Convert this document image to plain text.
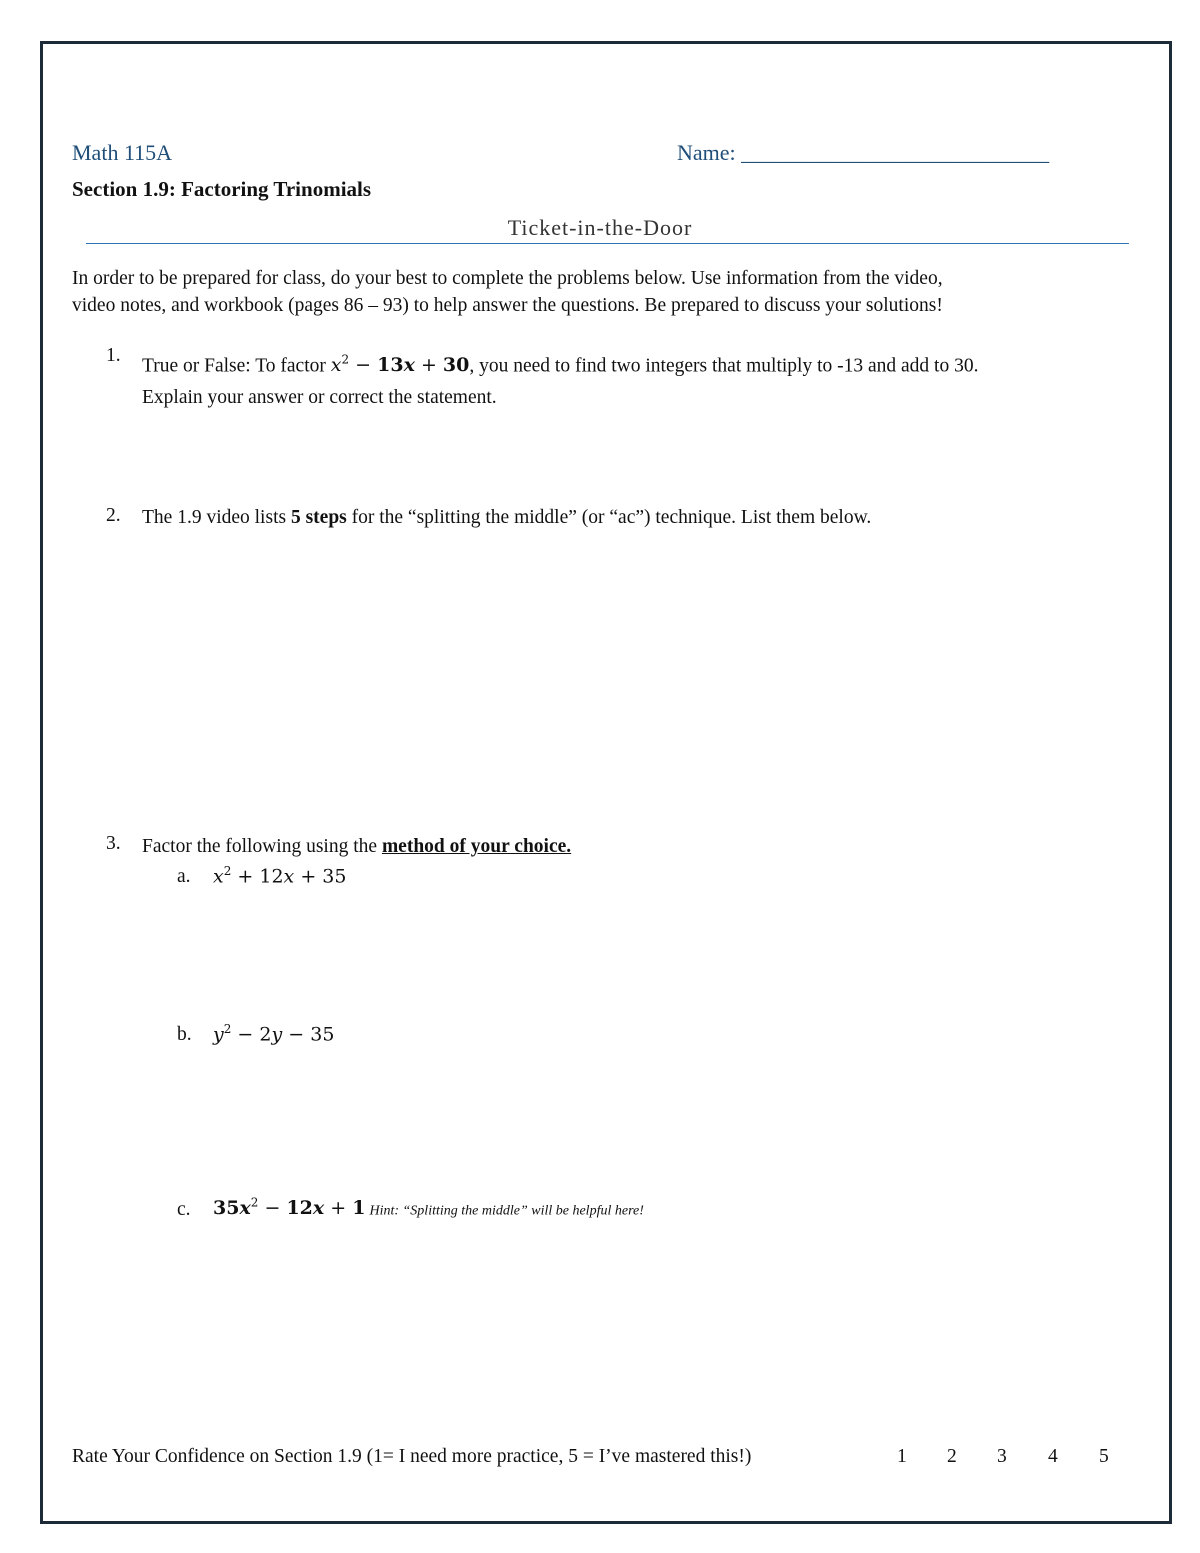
Math 115A	Name: ____________________________
Section 1.9: Factoring Trinomials
Ticket-in-the-Door
In order to be prepared for class, do your best to complete the problems below. Use information from the video,
video notes, and workbook (pages 86 – 93) to help answer the questions. Be prepared to discuss your solutions!
1. True or False: To factor $x^2 - 13x + 30$, you need to find two integers that multiply to -13 and add to 30.
Explain your answer or correct the statement.
2. The 1.9 video lists 5 steps for the “splitting the middle” (or “ac”) technique. List them below.
3. Factor the following using the method of your choice.
a. $x^2 + 12x + 35$
b. $y^2 - 2y - 35$
c. $35x^2 - 12x + 1$ Hint: “Splitting the middle” will be helpful here!
Rate Your Confidence on Section 1.9 (1= I need more practice, 5 = I’ve mastered this!)	1 2 3 4 5
